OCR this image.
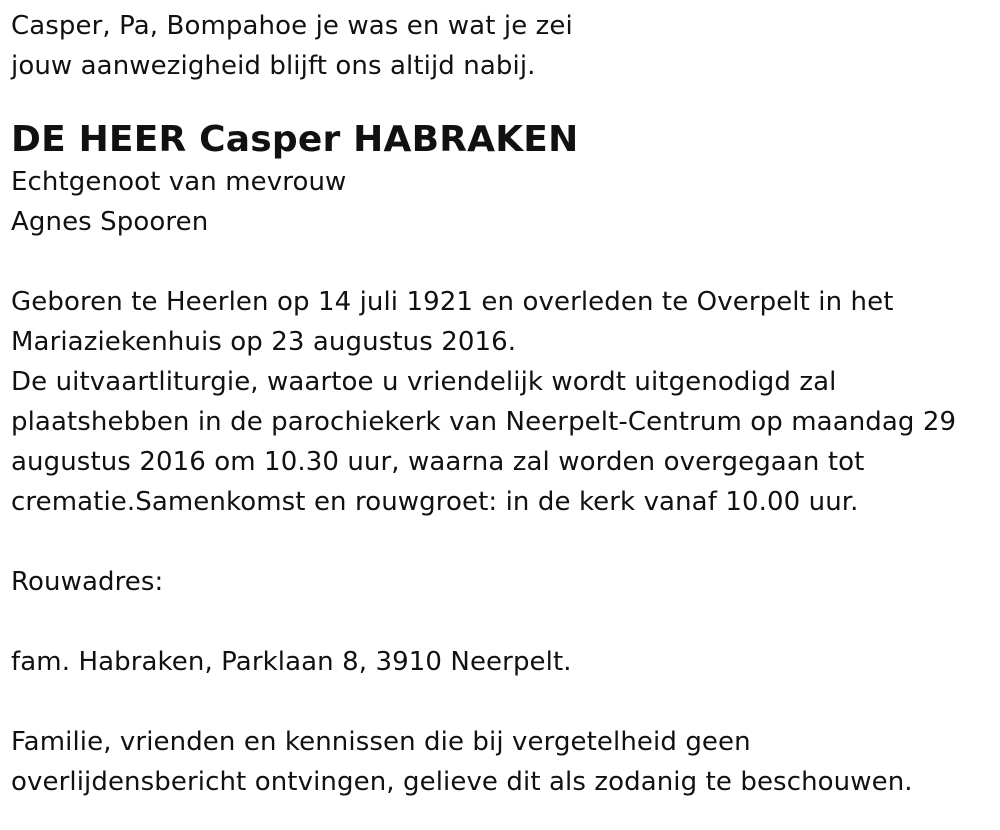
Casper, Pa, Bompahoe je was en wat je zei
jouw aanwezigheid blijft ons altijd nabij.
DE HEER Casper HABRAKEN
Echtgenoot van mevrouw
Agnes Spooren
Geboren te Heerlen op 14 juli 1921 en overleden te Overpelt in het
Mariaziekenhuis op 23 augustus 2016.
De uitvaartliturgie, waartoe u vriendelijk wordt uitgenodigd zal
plaatshebben in de parochiekerk van Neerpelt-Centrum op maandag 29
augustus 2016 om 10.30 uur, waarna zal worden overgegaan tot
crematie.Samenkomst en rouwgroet: in de kerk vanaf 10.00 uur.
Rouwadres:
fam. Habraken, Parklaan 8, 3910 Neerpelt.
Familie, vrienden en kennissen die bij vergetelheid geen
overlijdensbericht ontvingen, gelieve dit als zodanig te beschouwen.
